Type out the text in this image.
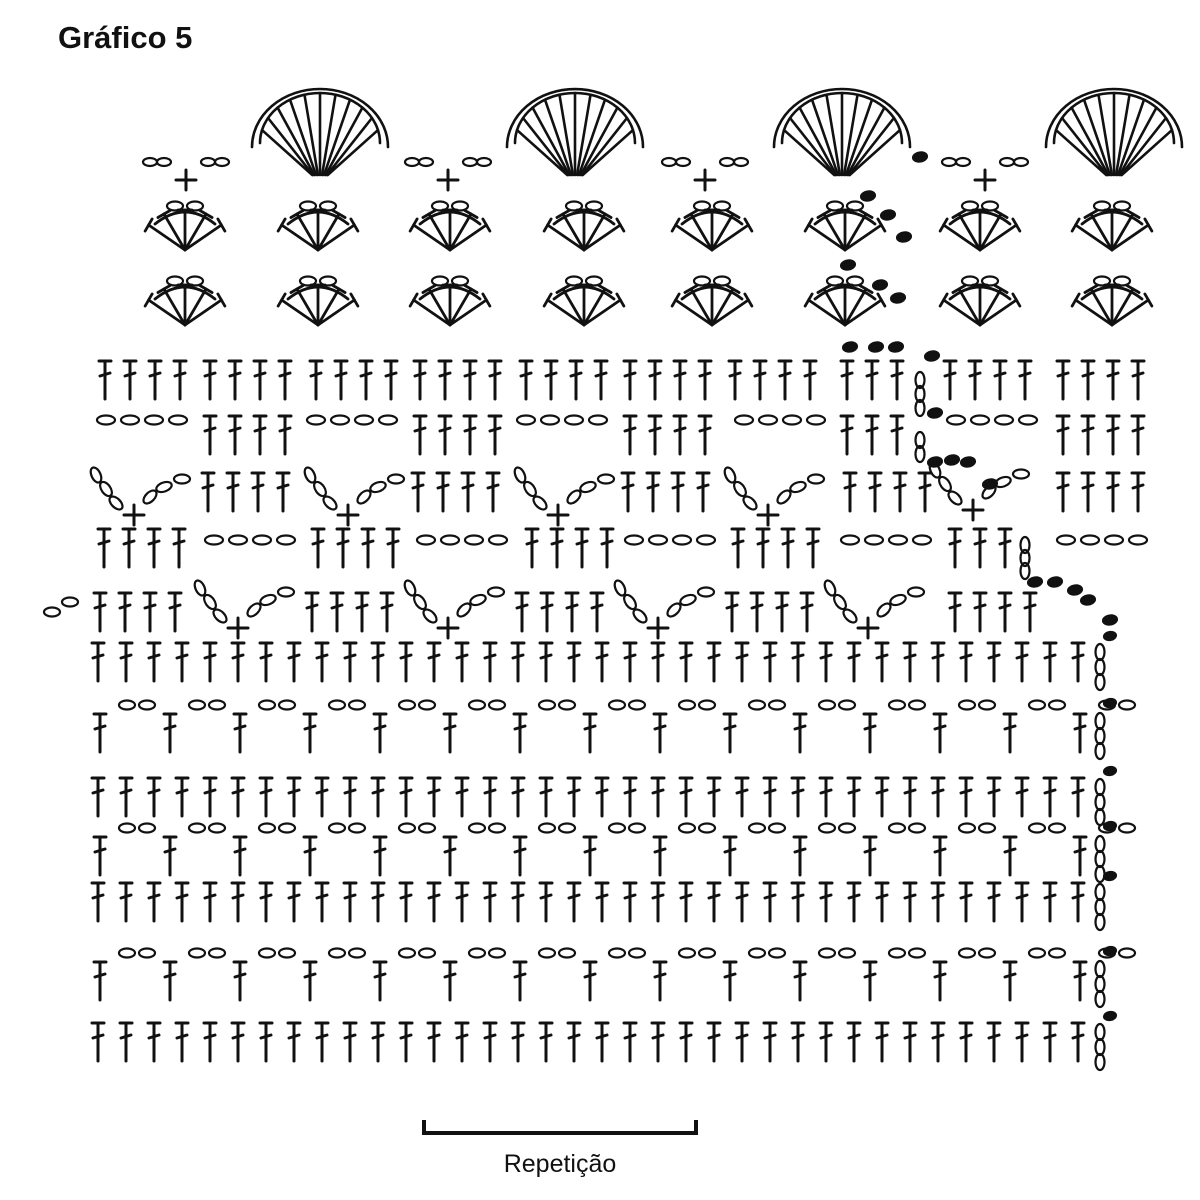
Gráfico 5
Repetição
